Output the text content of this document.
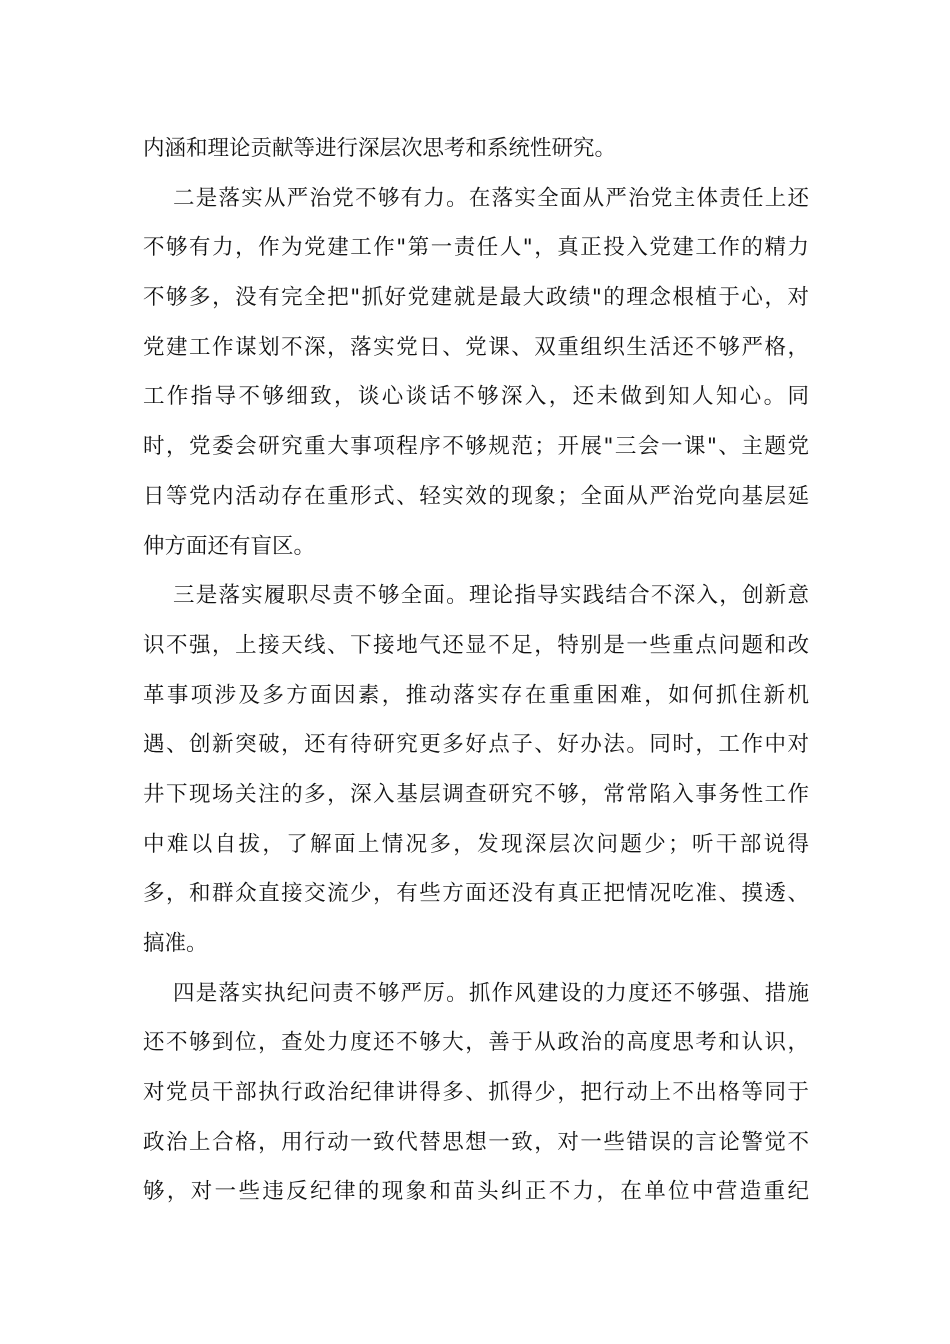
内涵和理论贡献等进行深层次思考和系统性研究。
二是落实从严治党不够有力。在落实全面从严治党主体责任上还
不够有力，作为党建工作"第一责任人"，真正投入党建工作的精力
不够多，没有完全把"抓好党建就是最大政绩"的理念根植于心，对
党建工作谋划不深，落实党日、党课、双重组织生活还不够严格，
工作指导不够细致，谈心谈话不够深入，还未做到知人知心。同
时，党委会研究重大事项程序不够规范；开展"三会一课"、主题党
日等党内活动存在重形式、轻实效的现象；全面从严治党向基层延
伸方面还有盲区。
三是落实履职尽责不够全面。理论指导实践结合不深入，创新意
识不强，上接天线、下接地气还显不足，特别是一些重点问题和改
革事项涉及多方面因素，推动落实存在重重困难，如何抓住新机
遇、创新突破，还有待研究更多好点子、好办法。同时，工作中对
井下现场关注的多，深入基层调查研究不够，常常陷入事务性工作
中难以自拔，了解面上情况多，发现深层次问题少；听干部说得
多，和群众直接交流少，有些方面还没有真正把情况吃准、摸透、
搞准。
四是落实执纪问责不够严厉。抓作风建设的力度还不够强、措施
还不够到位，查处力度还不够大，善于从政治的高度思考和认识，
对党员干部执行政治纪律讲得多、抓得少，把行动上不出格等同于
政治上合格，用行动一致代替思想一致，对一些错误的言论警觉不
够，对一些违反纪律的现象和苗头纠正不力，在单位中营造重纪
